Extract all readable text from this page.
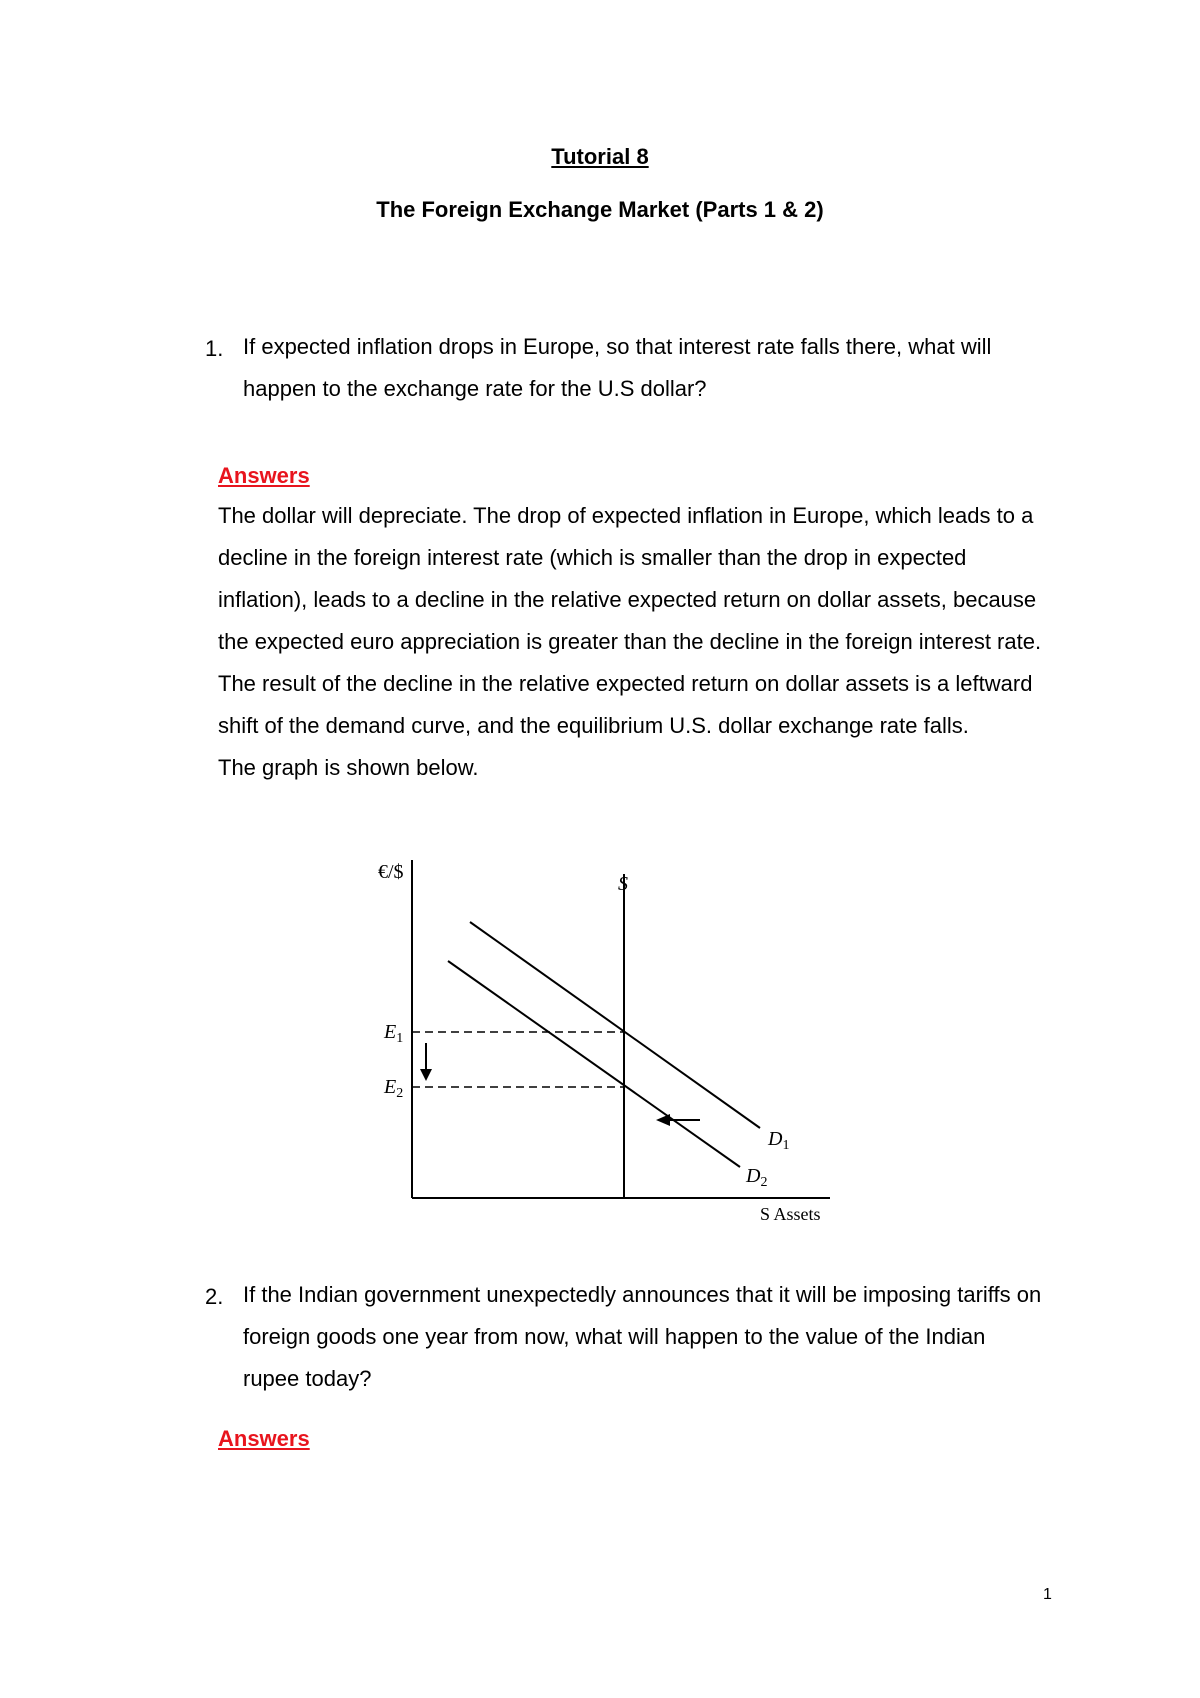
Tutorial 8
The Foreign Exchange Market (Parts 1 & 2)
1. If expected inflation drops in Europe, so that interest rate falls there, what will happen to the exchange rate for the U.S dollar?
Answers

The dollar will depreciate. The drop of expected inflation in Europe, which leads to a decline in the foreign interest rate (which is smaller than the drop in expected inflation), leads to a decline in the relative expected return on dollar assets, because the expected euro appreciation is greater than the decline in the foreign interest rate. The result of the decline in the relative expected return on dollar assets is a leftward shift of the demand curve, and the equilibrium U.S. dollar exchange rate falls.

The graph is shown below.

€/$
S Assets
S
$E_1$
$E_2$
$D_1$
$D_2$
2. If the Indian government unexpectedly announces that it will be imposing tariffs on foreign goods one year from now, what will happen to the value of the Indian rupee today?
Answers
1
